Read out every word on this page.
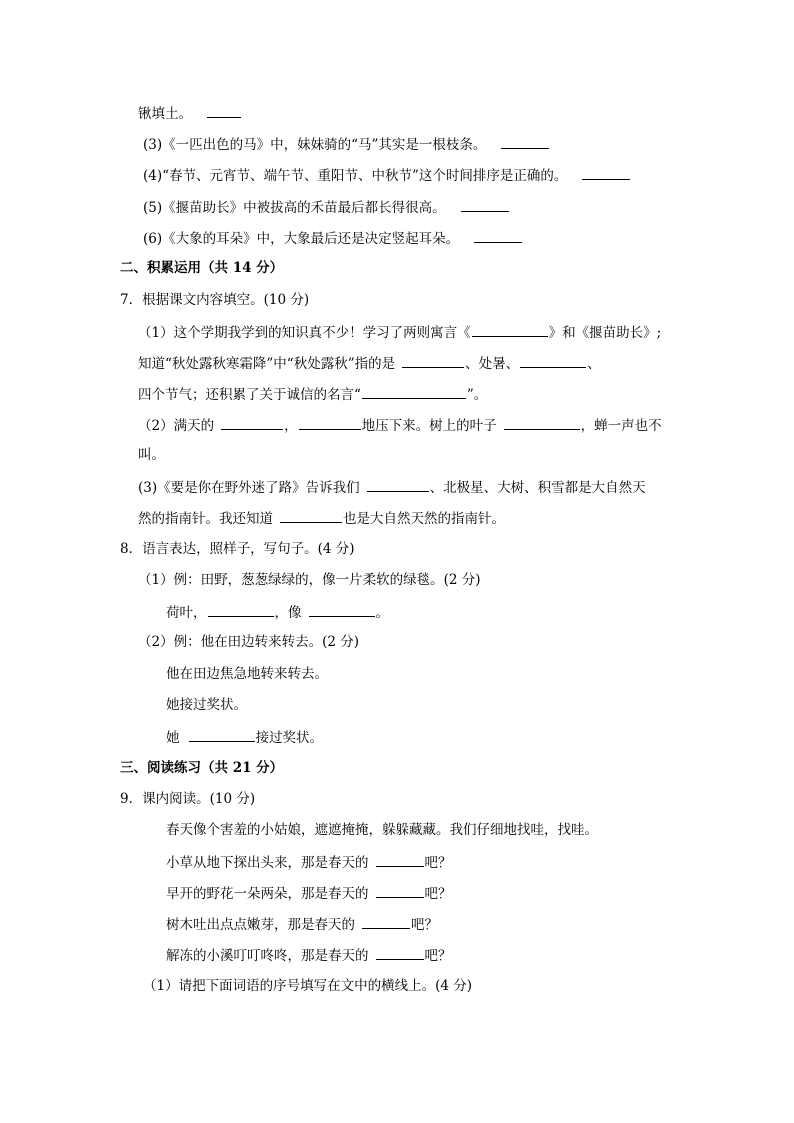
锹填土。
(3)《一匹出色的马》中，妹妹骑的“马”其实是一根枝条。
(4)“春节、元宵节、端午节、重阳节、中秋节”这个时间排序是正确的。
(5)《揠苗助长》中被拔高的禾苗最后都长得很高。
(6)《大象的耳朵》中，大象最后还是决定竖起耳朵。
二、积累运用（共 14 分）
7．根据课文内容填空。(10 分)
（1）这个学期我学到的知识真不少！学习了两则寓言《	》和《揠苗助长》;
知道“秋处露秋寒霜降”中“秋处露秋”指的是	、处暑、	、
四个节气；还积累了关于诚信的名言“	”。
（2）满天的	，	地压下来。树上的叶子	，蝉一声也不
叫。
(3)《要是你在野外迷了路》告诉我们	、北极星、大树、积雪都是大自然天
然的指南针。我还知道	也是大自然天然的指南针。
8．语言表达，照样子，写句子。(4 分)
（1）例：田野，葱葱绿绿的，像一片柔软的绿毯。(2 分)
荷叶，	，像	。
（2）例：他在田边转来转去。(2 分)
他在田边焦急地转来转去。
她接过奖状。
她	接过奖状。
三、阅读练习（共 21 分）
9．课内阅读。(10 分)
春天像个害羞的小姑娘，遮遮掩掩，躲躲藏藏。我们仔细地找哇，找哇。
小草从地下探出头来，那是春天的	吧？
早开的野花一朵两朵，那是春天的	吧？
树木吐出点点嫩芽，那是春天的	吧？
解冻的小溪叮叮咚咚，那是春天的	吧？
（1）请把下面词语的序号填写在文中的横线上。(4 分)
